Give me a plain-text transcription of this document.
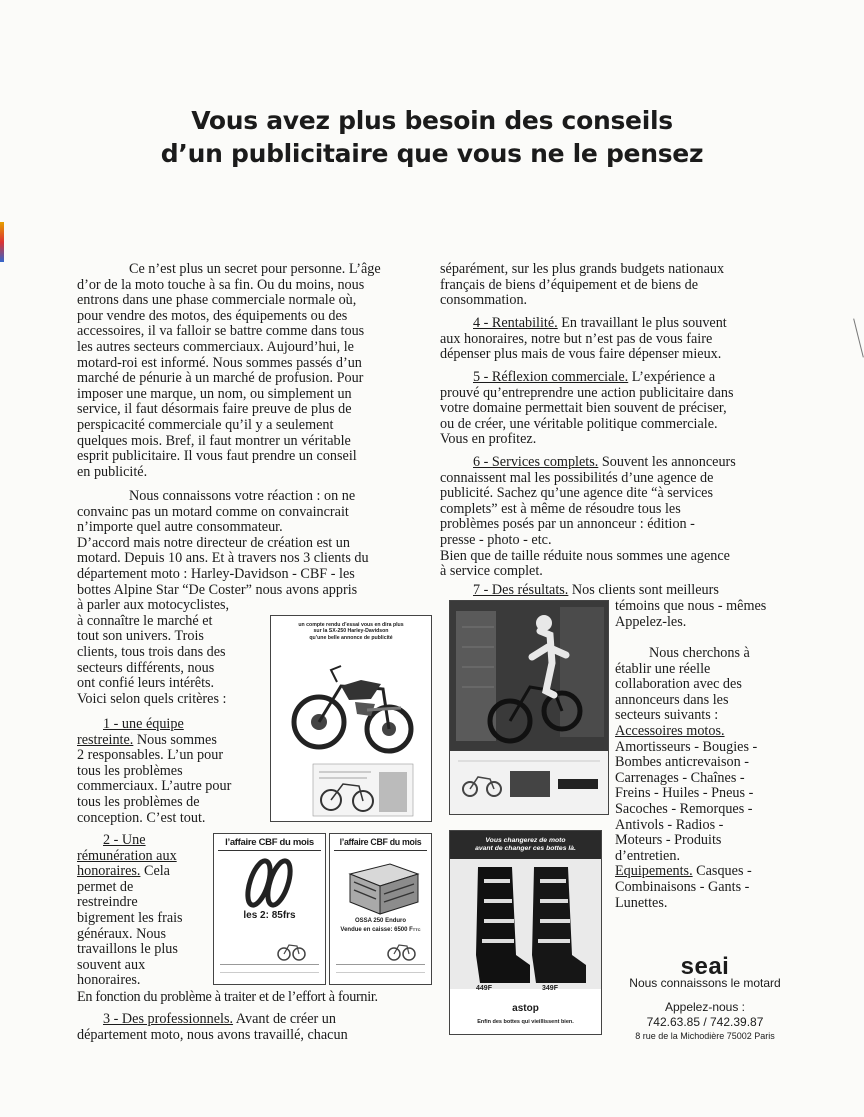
Vous avez plus besoin des conseils
d’un publicitaire que vous ne le pensez
Ce n’est plus un secret pour personne. L’âge
d’or de la moto touche à sa fin. Ou du moins, nous
entrons dans une phase commerciale normale où,
pour vendre des motos, des équipements ou des
accessoires, il va falloir se battre comme dans tous
les autres secteurs commerciaux. Aujourd’hui, le
motard-roi est informé. Nous sommes passés d’un
marché de pénurie à un marché de profusion. Pour
imposer une marque, un nom, ou simplement un
service, il faut désormais faire preuve de plus de
perspicacité commerciale qu’il y a seulement
quelques mois. Bref, il faut montrer un véritable
esprit publicitaire. Il vous faut prendre un conseil
en publicité.
Nous connaissons votre réaction : on ne
convainc pas un motard comme on convaincrait
n’importe quel autre consommateur.
D’accord mais notre directeur de création est un
motard. Depuis 10 ans. Et à travers nos 3 clients du
département moto : Harley-Davidson - CBF - les
bottes Alpine Star “De Coster” nous avons appris
à parler aux motocyclistes,
à connaître le marché et
tout son univers. Trois
clients, tous trois dans des
secteurs différents, nous
ont confié leurs intérêts.
Voici selon quels critères :
1 - une équipe
restreinte. Nous sommes
2 responsables. L’un pour
tous les problèmes
commerciaux. L’autre pour
tous les problèmes de
conception. C’est tout.
2 - Une
rémunération aux
honoraires. Cela
permet de
restreindre
bigrement les frais
généraux. Nous
travaillons le plus
souvent aux
honoraires.
En fonction du problème à traiter et de l’effort à fournir.
3 - Des professionnels. Avant de créer un
département moto, nous avons travaillé, chacun
séparément, sur les plus grands budgets nationaux
français de biens d’équipement et de biens de
consommation.
4 - Rentabilité. En travaillant le plus souvent
aux honoraires, notre but n’est pas de vous faire
dépenser plus mais de vous faire dépenser mieux.
5 - Réflexion commerciale. L’expérience a
prouvé qu’entreprendre une action publicitaire dans
votre domaine permettait bien souvent de préciser,
ou de créer, une véritable politique commerciale.
Vous en profitez.
6 - Services complets. Souvent les annonceurs
connaissent mal les possibilités d’une agence de
publicité. Sachez qu’une agence dite “à services
complets” est à même de résoudre tous les
problèmes posés par un annonceur : édition -
presse - photo - etc.
Bien que de taille réduite nous sommes une agence
à service complet.
7 - Des résultats. Nos clients sont meilleurs
témoins que nous - mêmes
Appelez-les.
Nous cherchons à
établir une réelle
collaboration avec des
annonceurs dans les
secteurs suivants :
Accessoires motos.
Amortisseurs - Bougies -
Bombes anticrevaison -
Carrenages - Chaînes -
Freins - Huiles - Pneus -
Sacoches - Remorques -
Antivols - Radios -
Moteurs - Produits
d’entretien.
Equipements. Casques -
Combinaisons - Gants -
Lunettes.
un compte rendu d’essai vous en dira plus
sur la SX-250 Harley-Davidson
qu’une belle annonce de publicité
l’affaire CBF du mois
les 2: 85frs
l’affaire CBF du mois
OSSA 250 Enduro
Vendue en caisse: 6500 FTTC
Vous changerez de moto
avant de changer ces bottes là.
449F	349F
astop
Enfin des bottes qui vieillissent bien.
seai
Nous connaissons le motard
Appelez-nous :
742.63.85 / 742.39.87
8 rue de la Michodière 75002 Paris
